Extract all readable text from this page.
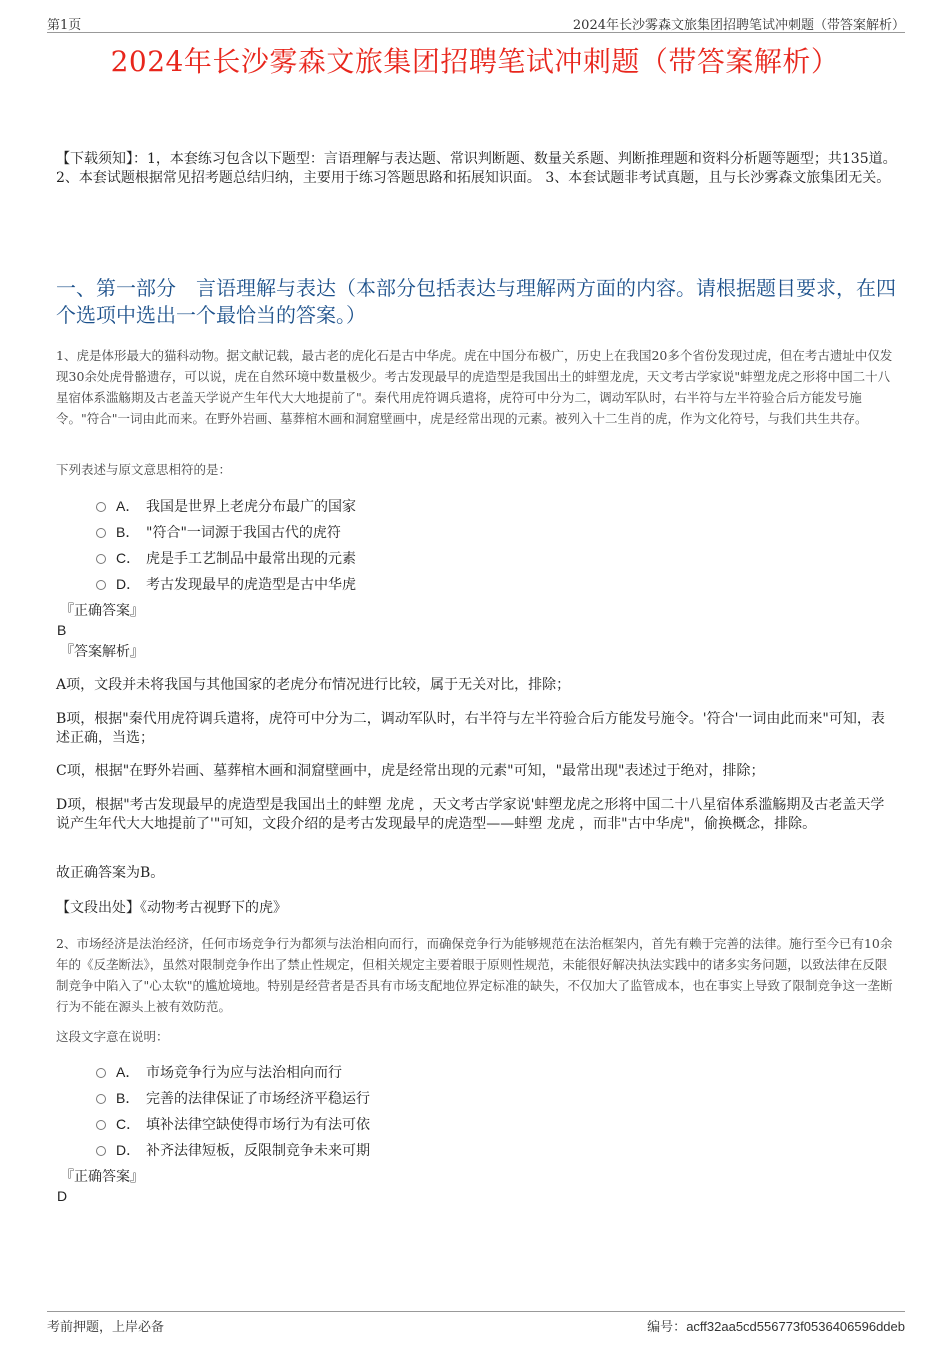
第1页	2024年长沙雾森文旅集团招聘笔试冲刺题（带答案解析）
2024年长沙雾森文旅集团招聘笔试冲刺题（带答案解析）
【下载须知】：1，本套练习包含以下题型：言语理解与表达题、常识判断题、数量关系题、判断推理题和资料分析题等题型；共135道。 2、本套试题根据常见招考题总结归纳，主要用于练习答题思路和拓展知识面。 3、本套试题非考试真题，且与长沙雾森文旅集团无关。
一、第一部分　言语理解与表达（本部分包括表达与理解两方面的内容。请根据题目要求，在四个选项中选出一个最恰当的答案。）
1、虎是体形最大的猫科动物。据文献记载，最古老的虎化石是古中华虎。虎在中国分布极广，历史上在我国20多个省份发现过虎，但在考古遗址中仅发现30余处虎骨骼遗存，可以说，虎在自然环境中数量极少。考古发现最早的虎造型是我国出土的蚌塑龙虎，天文考古学家说"蚌塑龙虎之形将中国二十八星宿体系滥觞期及古老盖天学说产生年代大大地提前了"。秦代用虎符调兵遣将，虎符可中分为二，调动军队时，右半符与左半符验合后方能发号施令。"符合"一词由此而来。在野外岩画、墓葬棺木画和洞窟壁画中，虎是经常出现的元素。被列入十二生肖的虎，作为文化符号，与我们共生共存。
下列表述与原文意思相符的是：
A． 我国是世界上老虎分布最广的国家
B． "符合"一词源于我国古代的虎符
C． 虎是手工艺制品中最常出现的元素
D． 考古发现最早的虎造型是古中华虎
『正确答案』
B
『答案解析』
A项，文段并未将我国与其他国家的老虎分布情况进行比较，属于无关对比，排除；
B项，根据"秦代用虎符调兵遣将，虎符可中分为二，调动军队时，右半符与左半符验合后方能发号施令。'符合'一词由此而来"可知，表述正确，当选；
C项，根据"在野外岩画、墓葬棺木画和洞窟壁画中，虎是经常出现的元素"可知，"最常出现"表述过于绝对，排除；
D项，根据"考古发现最早的虎造型是我国出土的蚌塑 龙虎 ，天文考古学家说'蚌塑龙虎之形将中国二十八星宿体系滥觞期及古老盖天学说产生年代大大地提前了'"可知，文段介绍的是考古发现最早的虎造型——蚌塑 龙虎 ，而非"古中华虎"，偷换概念，排除。
故正确答案为B。
【文段出处】《动物考古视野下的虎》
2、市场经济是法治经济，任何市场竞争行为都须与法治相向而行，而确保竞争行为能够规范在法治框架内，首先有赖于完善的法律。施行至今已有10余年的《反垄断法》，虽然对限制竞争作出了禁止性规定，但相关规定主要着眼于原则性规范，未能很好解决执法实践中的诸多实务问题，以致法律在反限制竞争中陷入了"心太软"的尴尬境地。特别是经营者是否具有市场支配地位界定标准的缺失，不仅加大了监管成本，也在事实上导致了限制竞争这一垄断行为不能在源头上被有效防范。
这段文字意在说明：
A． 市场竞争行为应与法治相向而行
B． 完善的法律保证了市场经济平稳运行
C． 填补法律空缺使得市场行为有法可依
D． 补齐法律短板，反限制竞争未来可期
『正确答案』
D
考前押题，上岸必备	编号：acff32aa5cd556773f0536406596ddeb
